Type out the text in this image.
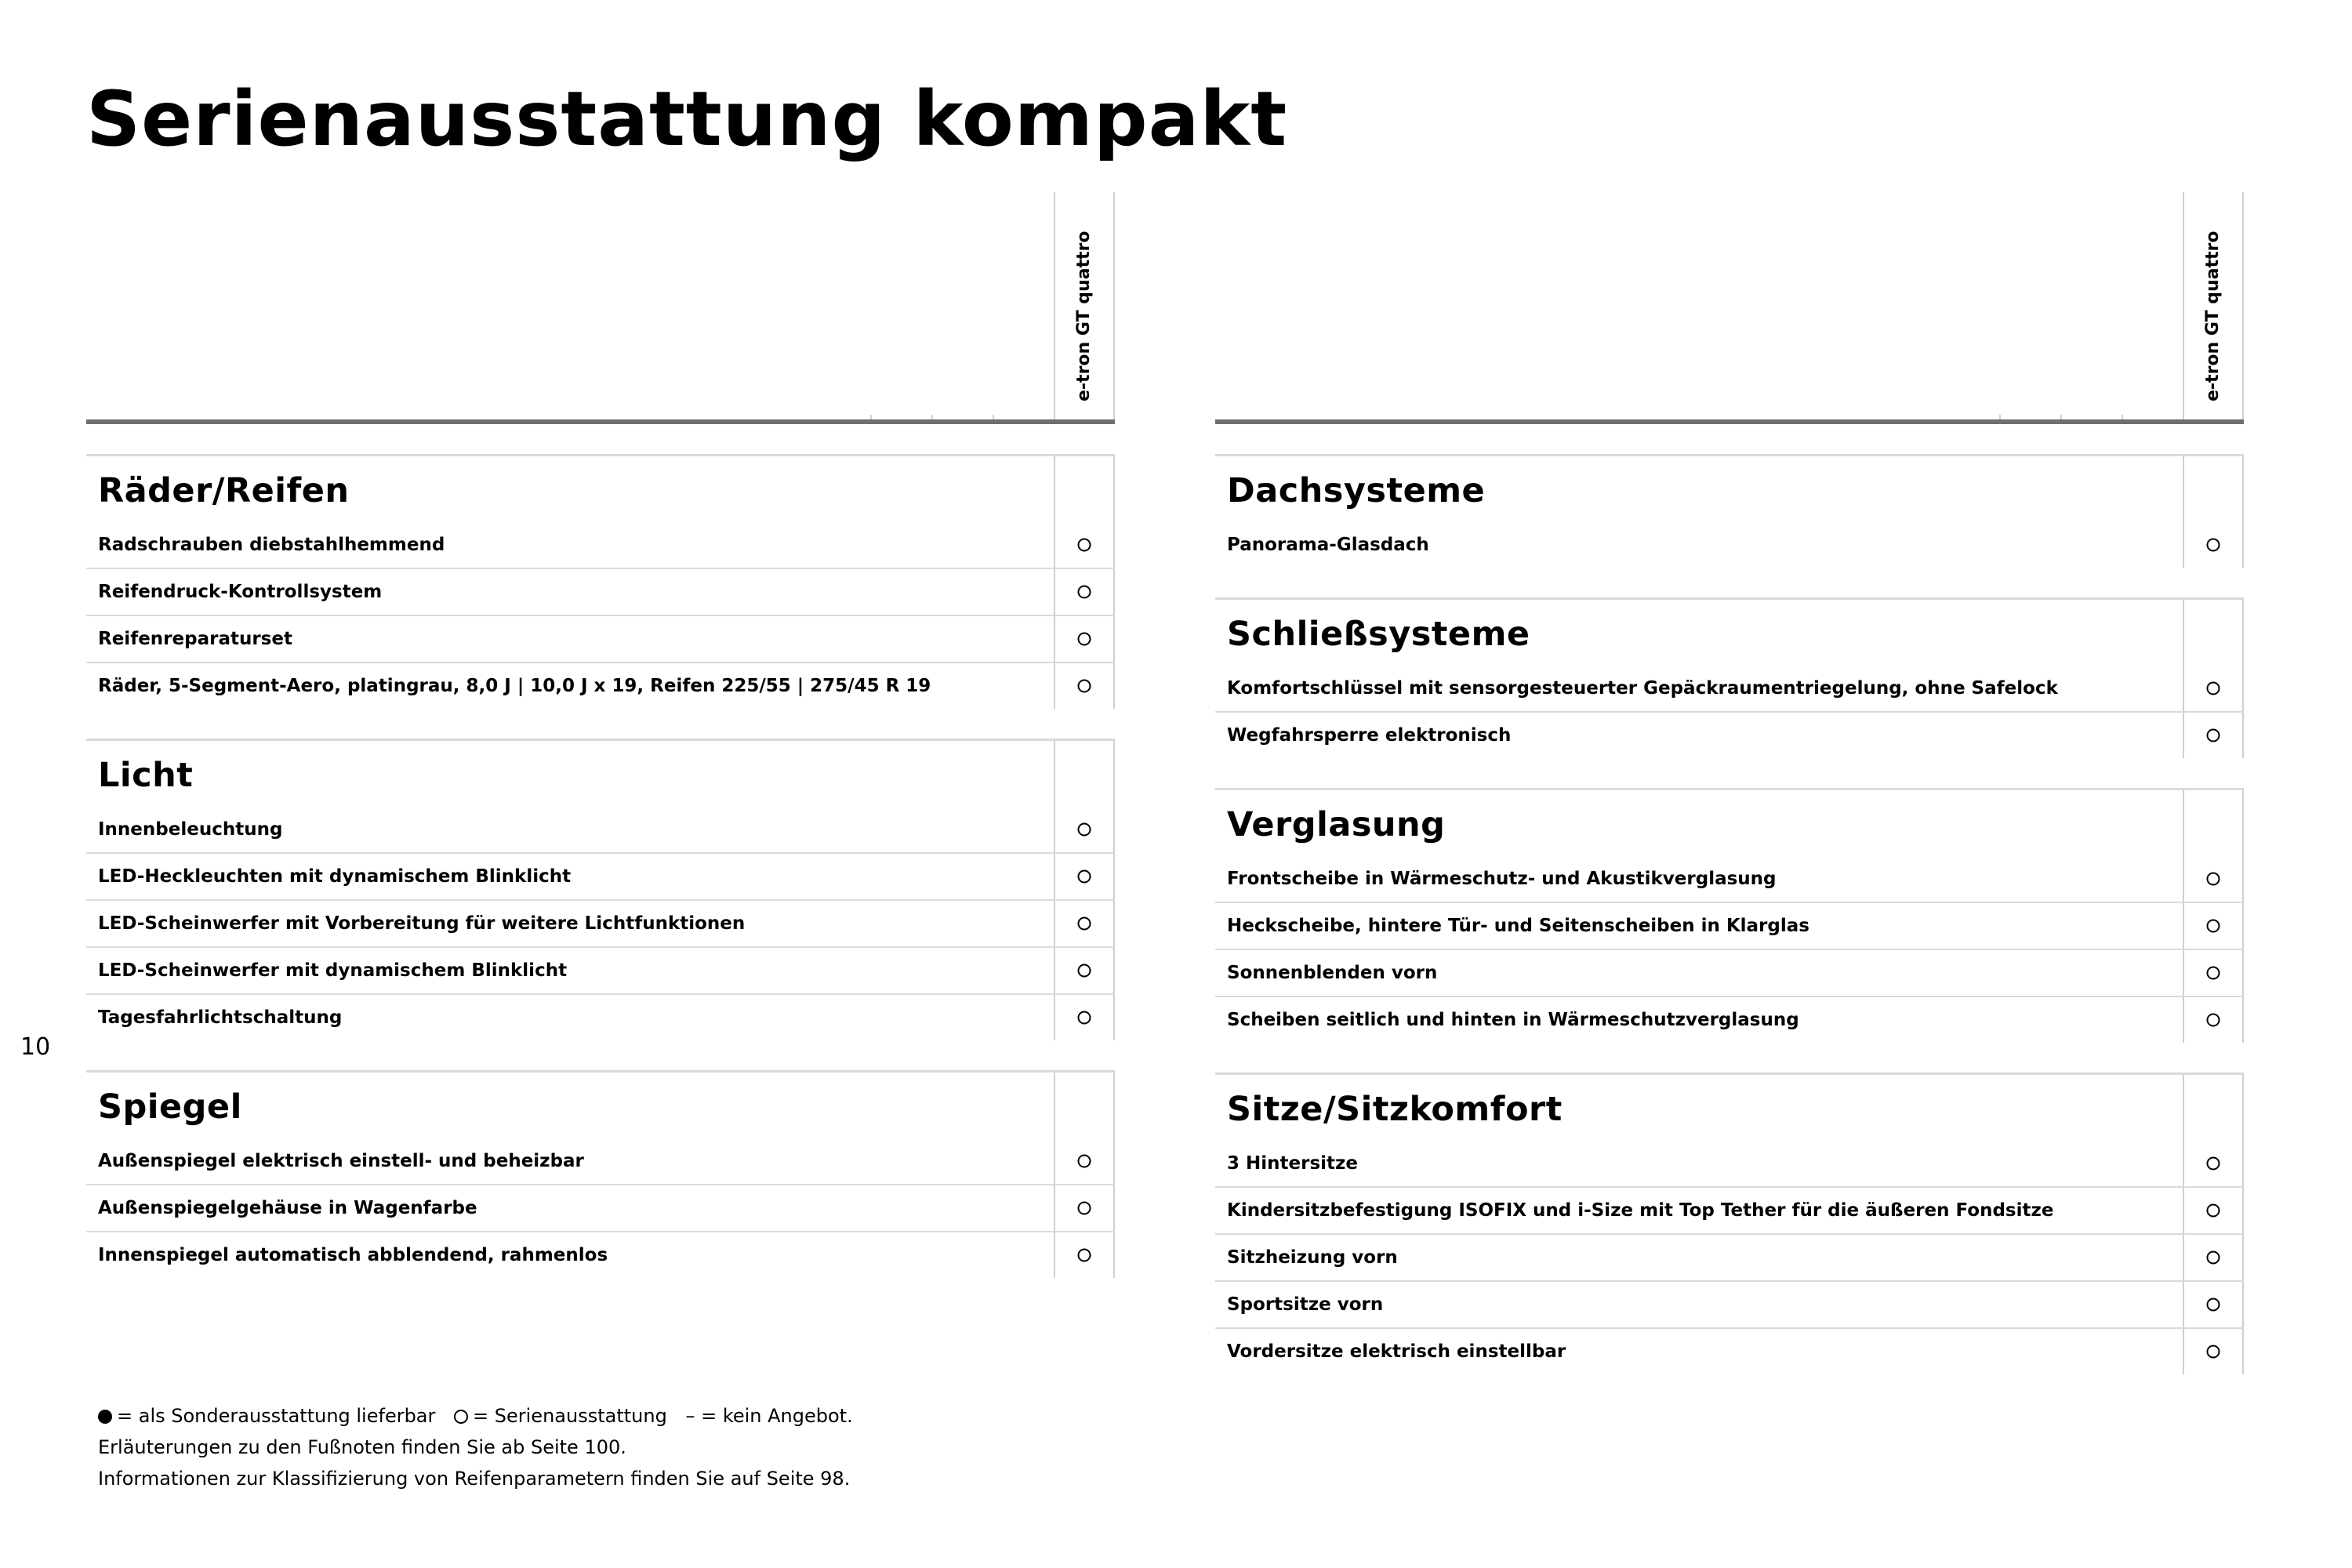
Serienausstattung kompakt
10
e-tron GT quattro
Räder/Reifen
Radschrauben diebstahlhemmend
Reifendruck-Kontrollsystem
Reifenreparaturset
Räder, 5-Segment-Aero, platingrau, 8,0 J | 10,0 J x 19, Reifen 225/55 | 275/45 R 19
Licht
Innenbeleuchtung
LED-Heckleuchten mit dynamischem Blinklicht
LED-Scheinwerfer mit Vorbereitung für weitere Lichtfunktionen
LED-Scheinwerfer mit dynamischem Blinklicht
Tagesfahrlichtschaltung
Spiegel
Außenspiegel elektrisch einstell- und beheizbar
Außenspiegelgehäuse in Wagenfarbe
Innenspiegel automatisch abblendend, rahmenlos
e-tron GT quattro
Dachsysteme
Panorama-Glasdach
Schließsysteme
Komfortschlüssel mit sensorgesteuerter Gepäckraumentriegelung, ohne Safelock
Wegfahrsperre elektronisch
Verglasung
Frontscheibe in Wärmeschutz- und Akustikverglasung
Heckscheibe, hintere Tür- und Seitenscheiben in Klarglas
Sonnenblenden vorn
Scheiben seitlich und hinten in Wärmeschutzverglasung
Sitze/Sitzkomfort
3 Hintersitze
Kindersitzbefestigung ISOFIX und i-Size mit Top Tether für die äußeren Fondsitze
Sitzheizung vorn
Sportsitze vorn
Vordersitze elektrisch einstellbar

= als Sonderausstattung lieferbar = Serienausstattung – = kein Angebot.

Erläuterungen zu den Fußnoten finden Sie ab Seite 100.

Informationen zur Klassifizierung von Reifenparametern finden Sie auf Seite 98.
